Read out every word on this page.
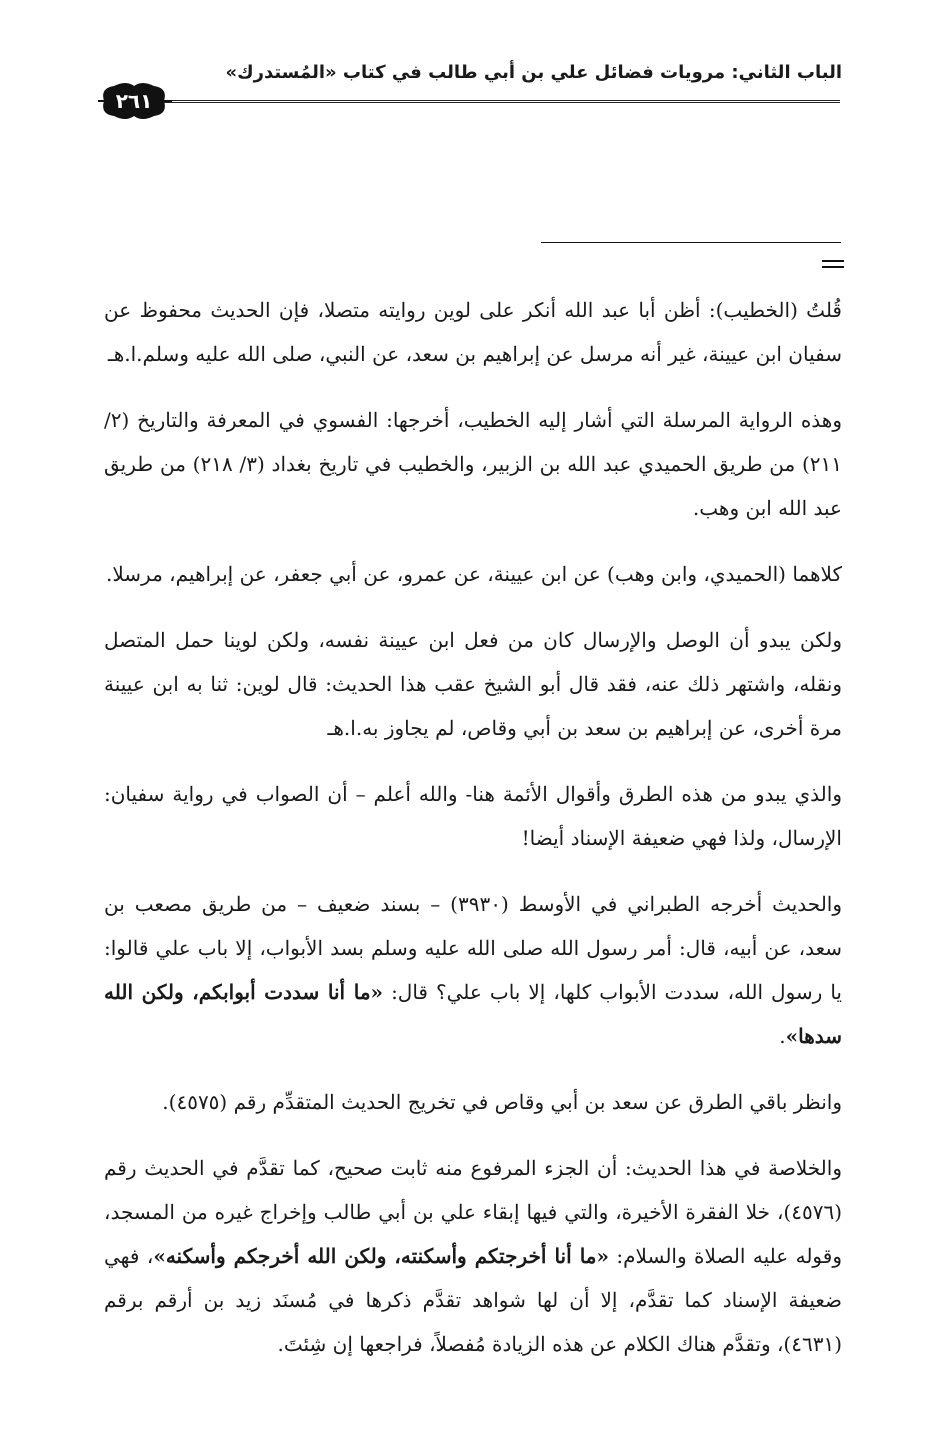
الباب الثاني: مرويات فضائل علي بن أبي طالب في كتاب «المُستدرك»
٢٦١

قُلتُ (الخطيب): أظن أبا عبد الله أنكر على لوين روايته متصلا، فإن الحديث محفوظ عن سفيان ابن عيينة، غير أنه مرسل عن إبراهيم بن سعد، عن النبي، صلى الله عليه وسلم.ا.هـ

وهذه الرواية المرسلة التي أشار إليه الخطيب، أخرجها: الفسوي في المعرفة والتاريخ (٢/ ٢١١) من طريق الحميدي عبد الله بن الزبير، والخطيب في تاريخ بغداد (٣/ ٢١٨) من طريق عبد الله ابن وهب.

كلاهما (الحميدي، وابن وهب) عن ابن عيينة، عن عمرو، عن أبي جعفر، عن إبراهيم، مرسلا.

ولكن يبدو أن الوصل والإرسال كان من فعل ابن عيينة نفسه، ولكن لوينا حمل المتصل ونقله، واشتهر ذلك عنه، فقد قال أبو الشيخ عقب هذا الحديث: قال لوين: ثنا به ابن عيينة مرة أخرى، عن إبراهيم بن سعد بن أبي وقاص، لم يجاوز به.ا.هـ

والذي يبدو من هذه الطرق وأقوال الأئمة هنا- والله أعلم – أن الصواب في رواية سفيان: الإرسال، ولذا فهي ضعيفة الإسناد أيضا!

والحديث أخرجه الطبراني في الأوسط (٣٩٣٠) – بسند ضعيف – من طريق مصعب بن سعد، عن أبيه، قال: أمر رسول الله صلى الله عليه وسلم بسد الأبواب، إلا باب علي قالوا: يا رسول الله، سددت الأبواب كلها، إلا باب علي؟ قال: «ما أنا سددت أبوابكم، ولكن الله سدها».

وانظر باقي الطرق عن سعد بن أبي وقاص في تخريج الحديث المتقدِّم رقم (٤٥٧٥).

والخلاصة في هذا الحديث: أن الجزء المرفوع منه ثابت صحيح، كما تقدَّم في الحديث رقم (٤٥٧٦)، خلا الفقرة الأخيرة، والتي فيها إبقاء علي بن أبي طالب وإخراج غيره من المسجد، وقوله عليه الصلاة والسلام: «ما أنا أخرجتكم وأسكنته، ولكن الله أخرجكم وأسكنه»، فهي ضعيفة الإسناد كما تقدَّم، إلا أن لها شواهد تقدَّم ذكرها في مُسنَد زيد بن أرقم برقم (٤٦٣١)، وتقدَّم هناك الكلام عن هذه الزيادة مُفصلاً، فراجعها إن شِئتَ.
